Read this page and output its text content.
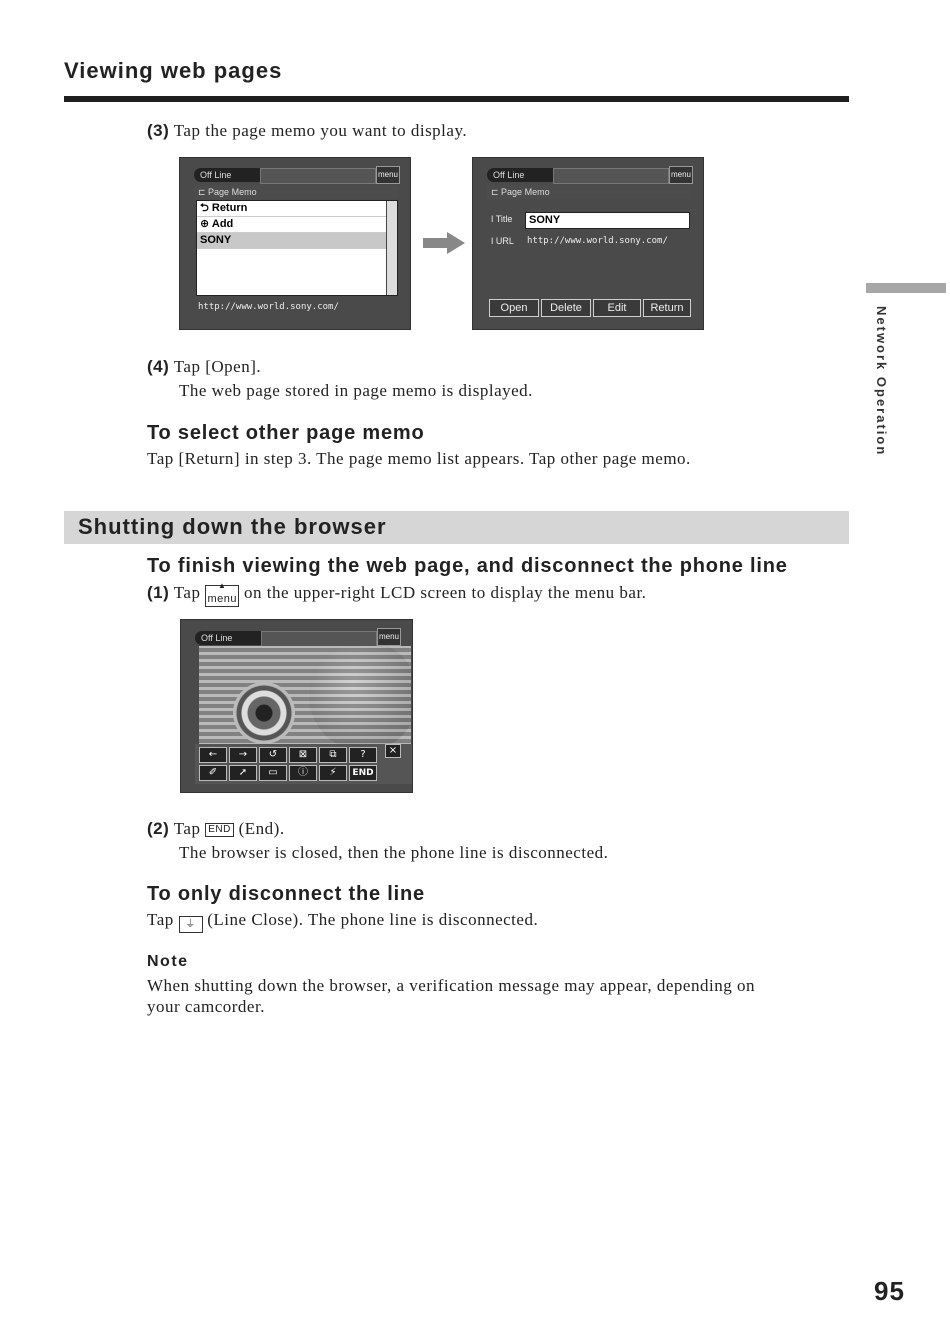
Viewing web pages
Network Operation
(3) Tap the page memo you want to display.
Off Line	menu
⊏ Page Memo
⮌ Return
⊕ Add
SONY
http://www.world.sony.com/
Off Line	menu
⊏ Page Memo
ǀ Title	SONY
ǀ URL http://www.world.sony.com/
Open	Delete	Edit	Return
(4) Tap [Open].
The web page stored in page memo is displayed.
To select other page memo
Tap [Return] in step 3. The page memo list appears. Tap other page memo.
Shutting down the browser
To finish viewing the web page, and disconnect the phone line
(1) Tap ▲ menu on the upper-right LCD screen to display the menu bar.
Off Line	menu
←	→	↺	⊠	⧉	?	×
✐	➚	▭	ⓘ	⚡	END
(2) Tap END (End).
The browser is closed, then the phone line is disconnected.
To only disconnect the line
Tap ⏚ (Line Close). The phone line is disconnected.
Note
When shutting down the browser, a verification message may appear, depending on
your camcorder.
95
